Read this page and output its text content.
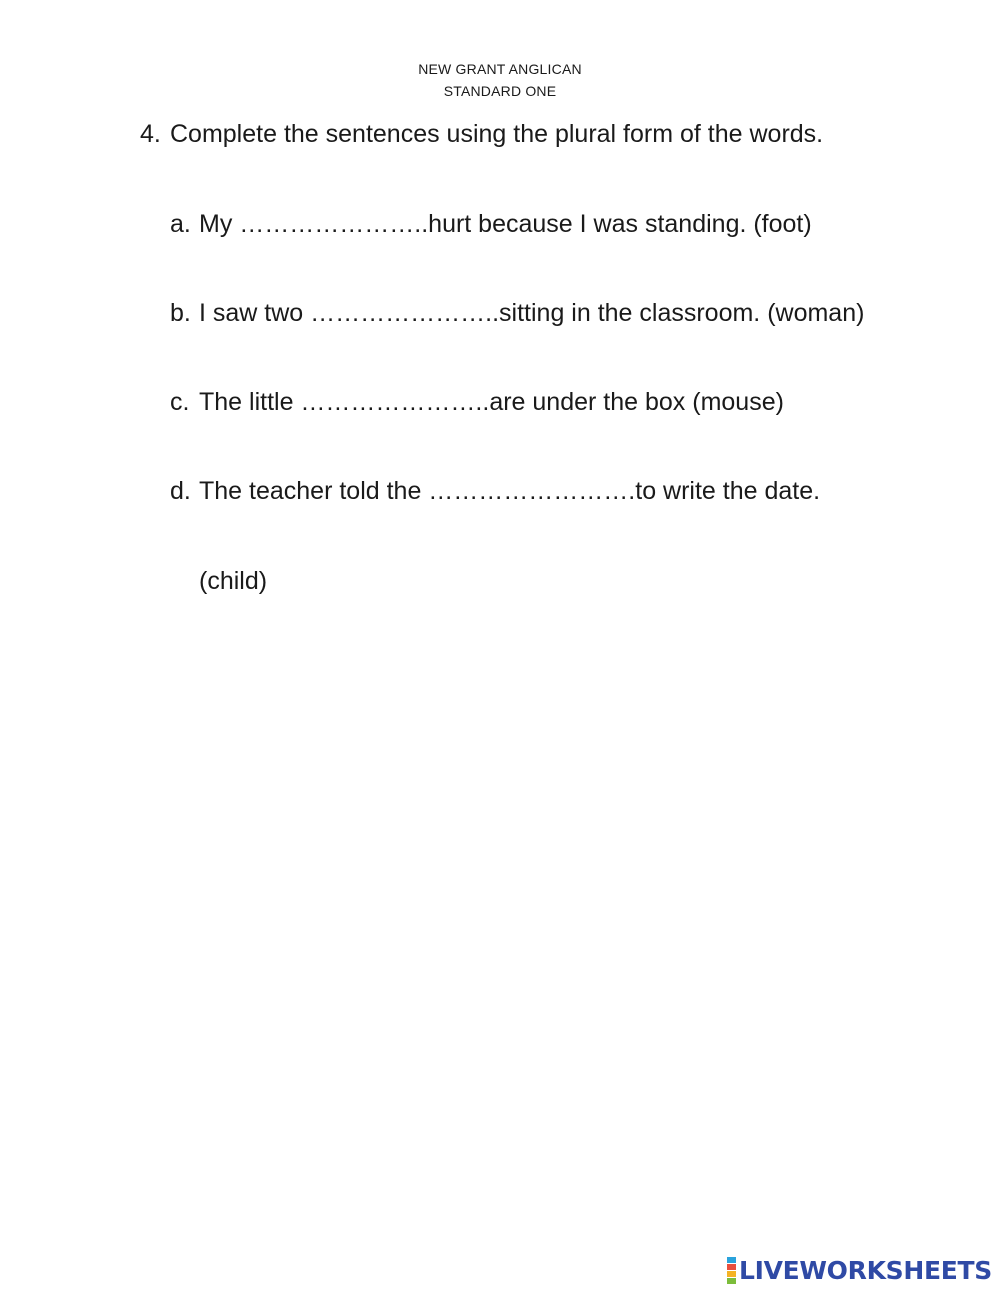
NEW GRANT ANGLICAN
STANDARD ONE
4. Complete the sentences using the plural form of the words.
a. My …………………..hurt because I was standing. (foot)
b. I saw two …………………..sitting in the classroom. (woman)
c. The little …………………..are under the box (mouse)
d. The teacher told the …………………….to write the date.
(child)
LIVEWORKSHEETS
